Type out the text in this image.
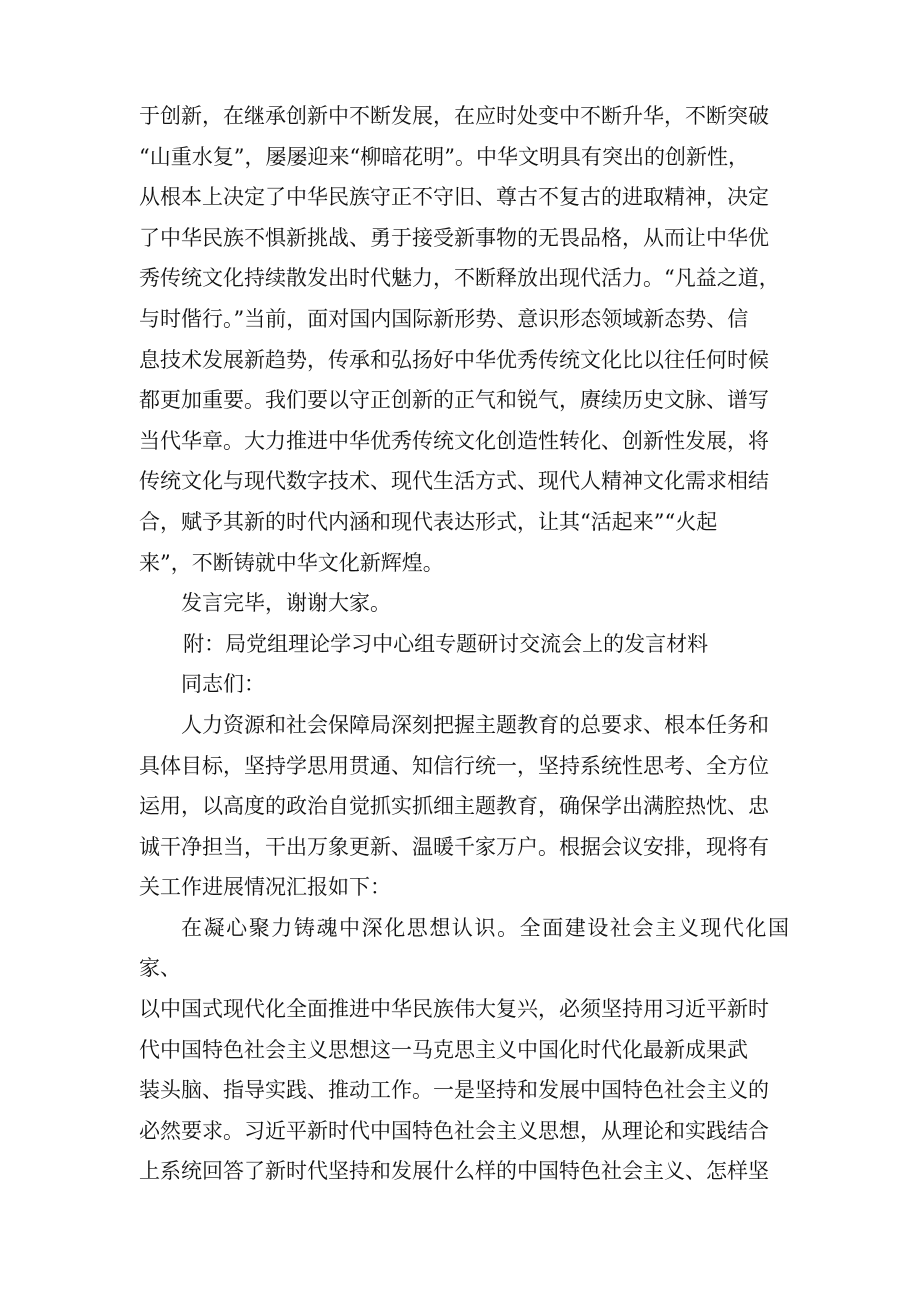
于创新，在继承创新中不断发展，在应时处变中不断升华，不断突破
“山重水复”，屡屡迎来“柳暗花明”。中华文明具有突出的创新性，
从根本上决定了中华民族守正不守旧、尊古不复古的进取精神，决定
了中华民族不惧新挑战、勇于接受新事物的无畏品格，从而让中华优
秀传统文化持续散发出时代魅力，不断释放出现代活力。“凡益之道，
与时偕行。”当前，面对国内国际新形势、意识形态领域新态势、信
息技术发展新趋势，传承和弘扬好中华优秀传统文化比以往任何时候
都更加重要。我们要以守正创新的正气和锐气，赓续历史文脉、谱写
当代华章。大力推进中华优秀传统文化创造性转化、创新性发展，将
传统文化与现代数字技术、现代生活方式、现代人精神文化需求相结
合，赋予其新的时代内涵和现代表达形式，让其“活起来”“火起
来”，不断铸就中华文化新辉煌。

发言完毕，谢谢大家。

附：局党组理论学习中心组专题研讨交流会上的发言材料

同志们：

人力资源和社会保障局深刻把握主题教育的总要求、根本任务和
具体目标，坚持学思用贯通、知信行统一，坚持系统性思考、全方位
运用，以高度的政治自觉抓实抓细主题教育，确保学出满腔热忱、忠
诚干净担当，干出万象更新、温暖千家万户。根据会议安排，现将有
关工作进展情况汇报如下：

在凝心聚力铸魂中深化思想认识。全面建设社会主义现代化国家、
以中国式现代化全面推进中华民族伟大复兴，必须坚持用习近平新时
代中国特色社会主义思想这一马克思主义中国化时代化最新成果武
装头脑、指导实践、推动工作。一是坚持和发展中国特色社会主义的
必然要求。习近平新时代中国特色社会主义思想，从理论和实践结合
上系统回答了新时代坚持和发展什么样的中国特色社会主义、怎样坚
